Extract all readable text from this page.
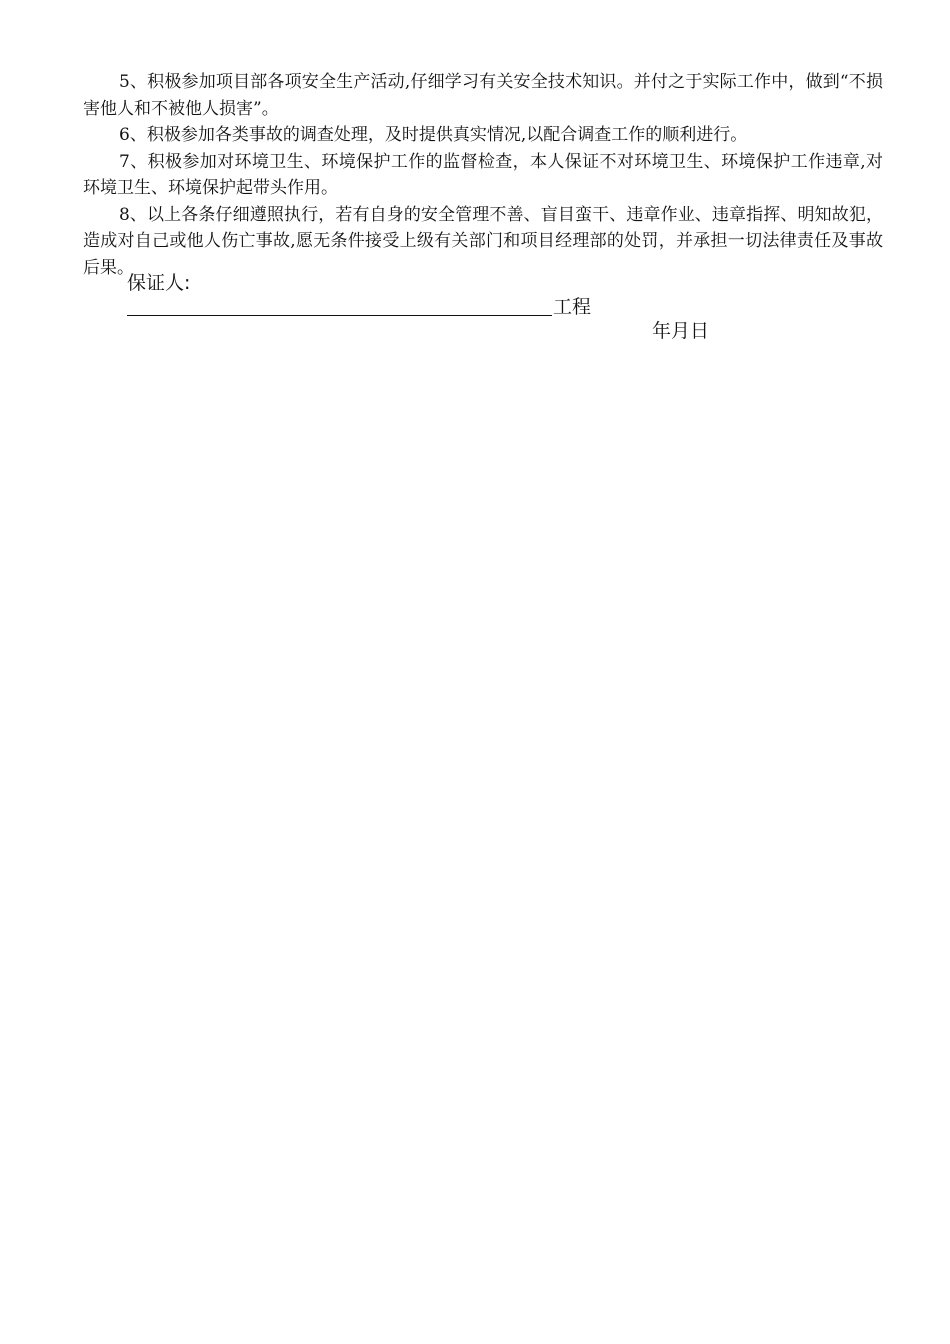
5、积极参加项目部各项安全生产活动,仔细学习有关安全技术知识。并付之于实际工作中，做到“不损害他人和不被他人损害”。

6、积极参加各类事故的调查处理，及时提供真实情况,以配合调查工作的顺利进行。

7、积极参加对环境卫生、环境保护工作的监督检查，本人保证不对环境卫生、环境保护工作违章,对环境卫生、环境保护起带头作用。

8、以上各条仔细遵照执行，若有自身的安全管理不善、盲目蛮干、违章作业、违章指挥、明知故犯，造成对自己或他人伤亡事故,愿无条件接受上级有关部门和项目经理部的处罚，并承担一切法律责任及事故后果。

保证人:
工程
年月日
